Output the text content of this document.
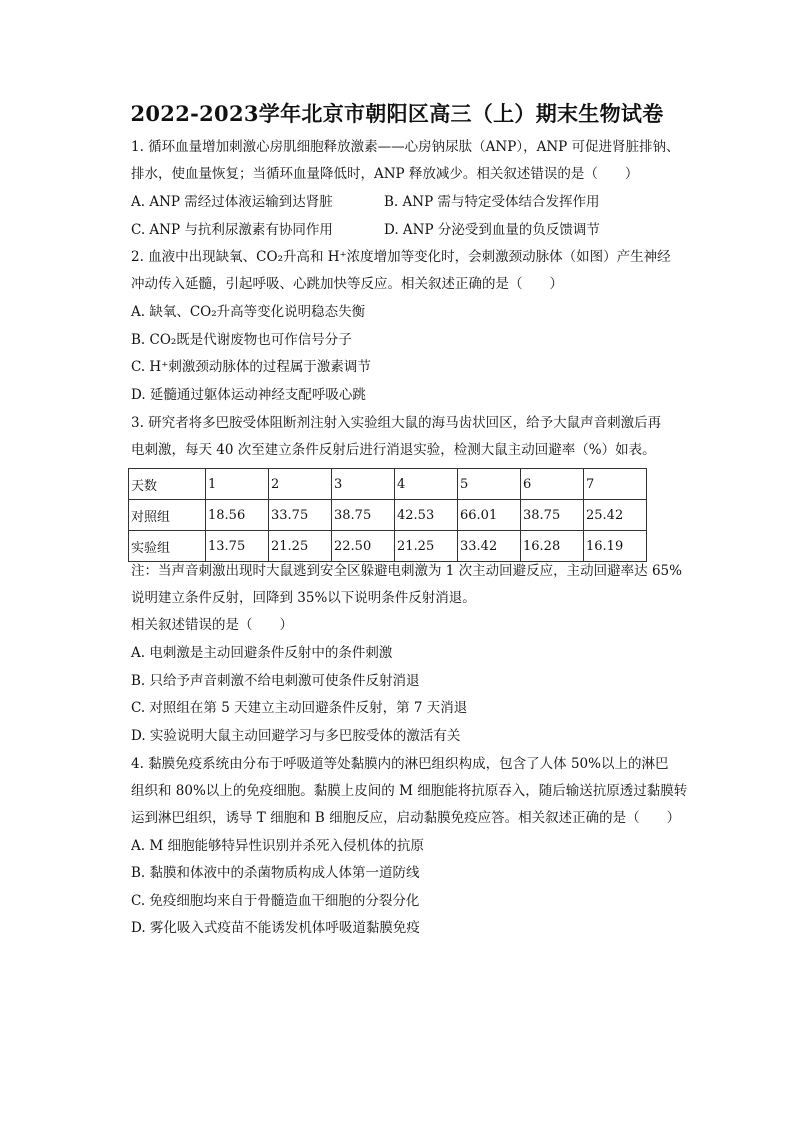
2022-2023学年北京市朝阳区高三（上）期末生物试卷
1. 循环血量增加刺激心房肌细胞释放激素——心房钠尿肽（ANP），ANP 可促进肾脏排钠、
排水，使血量恢复；当循环血量降低时，ANP 释放减少。相关叙述错误的是（　　）
A. ANP 需经过体液运输到达肾脏	B. ANP 需与特定受体结合发挥作用
C. ANP 与抗利尿激素有协同作用	D. ANP 分泌受到血量的负反馈调节
2. 血液中出现缺氧、CO₂升高和 H⁺浓度增加等变化时，会刺激颈动脉体（如图）产生神经
冲动传入延髓，引起呼吸、心跳加快等反应。相关叙述正确的是（　　）
A. 缺氧、CO₂升高等变化说明稳态失衡
B. CO₂既是代谢废物也可作信号分子
C. H⁺刺激颈动脉体的过程属于激素调节
D. 延髓通过躯体运动神经支配呼吸心跳
3. 研究者将多巴胺受体阻断剂注射入实验组大鼠的海马齿状回区，给予大鼠声音刺激后再
电刺激，每天 40 次至建立条件反射后进行消退实验，检测大鼠主动回避率（%）如表。
天数	1	2	3	4	5	6	7
对照组	18.56	33.75	38.75	42.53	66.01	38.75	25.42
实验组	13.75	21.25	22.50	21.25	33.42	16.28	16.19
注：当声音刺激出现时大鼠逃到安全区躲避电刺激为 1 次主动回避反应，主动回避率达 65%
说明建立条件反射，回降到 35%以下说明条件反射消退。
相关叙述错误的是（　　）
A. 电刺激是主动回避条件反射中的条件刺激
B. 只给予声音刺激不给电刺激可使条件反射消退
C. 对照组在第 5 天建立主动回避条件反射，第 7 天消退
D. 实验说明大鼠主动回避学习与多巴胺受体的激活有关
4. 黏膜免疫系统由分布于呼吸道等处黏膜内的淋巴组织构成，包含了人体 50%以上的淋巴
组织和 80%以上的免疫细胞。黏膜上皮间的 M 细胞能将抗原吞入，随后输送抗原透过黏膜转
运到淋巴组织，诱导 T 细胞和 B 细胞反应，启动黏膜免疫应答。相关叙述正确的是（　　）
A. M 细胞能够特异性识别并杀死入侵机体的抗原
B. 黏膜和体液中的杀菌物质构成人体第一道防线
C. 免疫细胞均来自于骨髓造血干细胞的分裂分化
D. 雾化吸入式疫苗不能诱发机体呼吸道黏膜免疫
